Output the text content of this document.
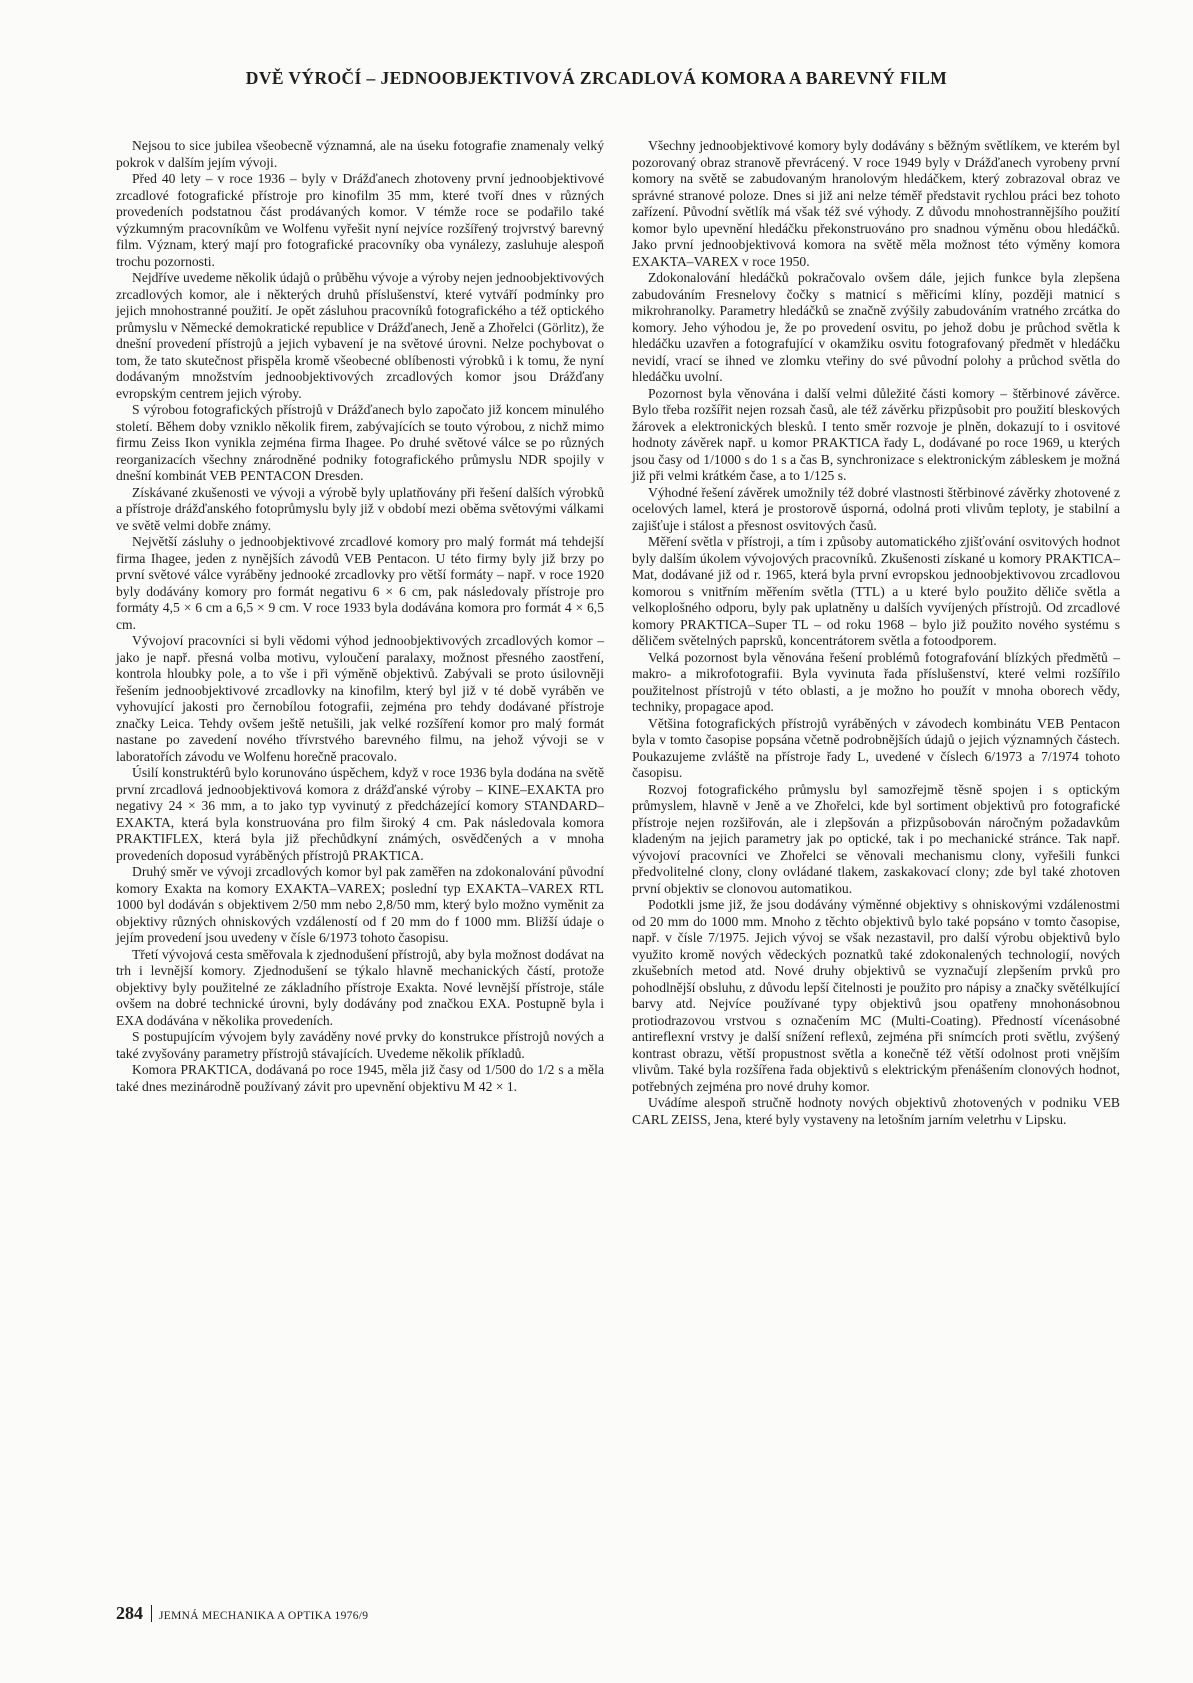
DVĚ VÝROČÍ – JEDNOOBJEKTIVOVÁ ZRCADLOVÁ KOMORA A BAREVNÝ FILM

Nejsou to sice jubilea všeobecně významná, ale na úseku fotografie znamenaly velký pokrok v dalším jejím vývoji.

Před 40 lety – v roce 1936 – byly v Drážďanech zhotoveny první jednoobjektivové zrcadlové fotografické přístroje pro kinofilm 35 mm, které tvoří dnes v různých provedeních podstatnou část prodávaných komor. V témže roce se podařilo také výzkumným pracovníkům ve Wolfenu vyřešit nyní nejvíce rozšířený trojvrstvý barevný film. Význam, který mají pro fotografické pracovníky oba vynálezy, zasluhuje alespoň trochu pozornosti.

Nejdříve uvedeme několik údajů o průběhu vývoje a výroby nejen jednoobjektivových zrcadlových komor, ale i některých druhů příslušenství, které vytváří podmínky pro jejich mnohostranné použití. Je opět zásluhou pracovníků fotografického a též optického průmyslu v Německé demokratické republice v Drážďanech, Jeně a Zhořelci (Görlitz), že dnešní provedení přístrojů a jejich vybavení je na světové úrovni. Nelze pochybovat o tom, že tato skutečnost přispěla kromě všeobecné oblíbenosti výrobků i k tomu, že nyní dodávaným množstvím jednoobjektivových zrcadlových komor jsou Drážďany evropským centrem jejich výroby.

S výrobou fotografických přístrojů v Drážďanech bylo započato již koncem minulého století. Během doby vzniklo několik firem, zabývajících se touto výrobou, z nichž mimo firmu Zeiss Ikon vynikla zejména firma Ihagee. Po druhé světové válce se po různých reorganizacích všechny znárodněné podniky fotografického průmyslu NDR spojily v dnešní kombinát VEB PENTACON Dresden.

Získávané zkušenosti ve vývoji a výrobě byly uplatňovány při řešení dalších výrobků a přístroje drážďanského fotoprůmyslu byly již v období mezi oběma světovými válkami ve světě velmi dobře známy.

Největší zásluhy o jednoobjektivové zrcadlové komory pro malý formát má tehdejší firma Ihagee, jeden z nynějších závodů VEB Pentacon. U této firmy byly již brzy po první světové válce vyráběny jednooké zrcadlovky pro větší formáty – např. v roce 1920 byly dodávány komory pro formát negativu 6 × 6 cm, pak následovaly přístroje pro formáty 4,5 × 6 cm a 6,5 × 9 cm. V roce 1933 byla dodávána komora pro formát 4 × 6,5 cm.

Vývojoví pracovníci si byli vědomi výhod jednoobjektivových zrcadlových komor – jako je např. přesná volba motivu, vyloučení paralaxy, možnost přesného zaostření, kontrola hloubky pole, a to vše i při výměně objektivů. Zabývali se proto úsilovněji řešením jednoobjektivové zrcadlovky na kinofilm, který byl již v té době vyráběn ve vyhovující jakosti pro černobílou fotografii, zejména pro tehdy dodávané přístroje značky Leica. Tehdy ovšem ještě netušili, jak velké rozšíření komor pro malý formát nastane po zavedení nového třívrstvého barevného filmu, na jehož vývoji se v laboratořích závodu ve Wolfenu horečně pracovalo.

Úsilí konstruktérů bylo korunováno úspěchem, když v roce 1936 byla dodána na světě první zrcadlová jednoobjektivová komora z drážďanské výroby – KINE–EXAKTA pro negativy 24 × 36 mm, a to jako typ vyvinutý z předcházející komory STANDARD–EXAKTA, která byla konstruována pro film široký 4 cm. Pak následovala komora PRAKTIFLEX, která byla již přechůdkyní známých, osvědčených a v mnoha provedeních doposud vyráběných přístrojů PRAKTICA.

Druhý směr ve vývoji zrcadlových komor byl pak zaměřen na zdokonalování původní komory Exakta na komory EXAKTA–VAREX; poslední typ EXAKTA–VAREX RTL 1000 byl dodáván s objektivem 2/50 mm nebo 2,8/50 mm, který bylo možno vyměnit za objektivy různých ohniskových vzdáleností od f 20 mm do f 1000 mm. Bližší údaje o jejím provedení jsou uvedeny v čísle 6/1973 tohoto časopisu.

Třetí vývojová cesta směřovala k zjednodušení přístrojů, aby byla možnost dodávat na trh i levnější komory. Zjednodušení se týkalo hlavně mechanických částí, protože objektivy byly použitelné ze základního přístroje Exakta. Nové levnější přístroje, stále ovšem na dobré technické úrovni, byly dodávány pod značkou EXA. Postupně byla i EXA dodávána v několika provedeních.

S postupujícím vývojem byly zaváděny nové prvky do konstrukce přístrojů nových a také zvyšovány parametry přístrojů stávajících. Uvedeme několik příkladů.

Komora PRAKTICA, dodávaná po roce 1945, měla již časy od 1/500 do 1/2 s a měla také dnes mezinárodně používaný závit pro upevnění objektivu M 42 × 1.

Všechny jednoobjektivové komory byly dodávány s běžným světlíkem, ve kterém byl pozorovaný obraz stranově převrácený. V roce 1949 byly v Drážďanech vyrobeny první komory na světě se zabudovaným hranolovým hledáčkem, který zobrazoval obraz ve správné stranové poloze. Dnes si již ani nelze téměř představit rychlou práci bez tohoto zařízení. Původní světlík má však též své výhody. Z důvodu mnohostrannějšího použití komor bylo upevnění hledáčku překonstruováno pro snadnou výměnu obou hledáčků. Jako první jednoobjektivová komora na světě měla možnost této výměny komora EXAKTA–VAREX v roce 1950.

Zdokonalování hledáčků pokračovalo ovšem dále, jejich funkce byla zlepšena zabudováním Fresnelovy čočky s matnicí s měřicími klíny, později matnicí s mikrohranolky. Parametry hledáčků se značně zvýšily zabudováním vratného zrcátka do komory. Jeho výhodou je, že po provedení osvitu, po jehož dobu je průchod světla k hledáčku uzavřen a fotografující v okamžiku osvitu fotografovaný předmět v hledáčku nevidí, vrací se ihned ve zlomku vteřiny do své původní polohy a průchod světla do hledáčku uvolní.

Pozornost byla věnována i další velmi důležité části komory – štěrbinové závěrce. Bylo třeba rozšířit nejen rozsah časů, ale též závěrku přizpůsobit pro použití bleskových žárovek a elektronických blesků. I tento směr rozvoje je plněn, dokazují to i osvitové hodnoty závěrek např. u komor PRAKTICA řady L, dodávané po roce 1969, u kterých jsou časy od 1/1000 s do 1 s a čas B, synchronizace s elektronickým zábleskem je možná již při velmi krátkém čase, a to 1/125 s.

Výhodné řešení závěrek umožnily též dobré vlastnosti štěrbinové závěrky zhotovené z ocelových lamel, která je prostorově úsporná, odolná proti vlivům teploty, je stabilní a zajišťuje i stálost a přesnost osvitových časů.

Měření světla v přístroji, a tím i způsoby automatického zjišťování osvitových hodnot byly dalším úkolem vývojových pracovníků. Zkušenosti získané u komory PRAKTICA–Mat, dodávané již od r. 1965, která byla první evropskou jednoobjektivovou zrcadlovou komorou s vnitřním měřením světla (TTL) a u které bylo použito děliče světla a velkoplošného odporu, byly pak uplatněny u dalších vyvíjených přístrojů. Od zrcadlové komory PRAKTICA–Super TL – od roku 1968 – bylo již použito nového systému s děličem světelných paprsků, koncentrátorem světla a fotoodporem.

Velká pozornost byla věnována řešení problémů fotografování blízkých předmětů – makro- a mikrofotografii. Byla vyvinuta řada příslušenství, které velmi rozšířilo použitelnost přístrojů v této oblasti, a je možno ho použít v mnoha oborech vědy, techniky, propagace apod.

Většina fotografických přístrojů vyráběných v závodech kombinátu VEB Pentacon byla v tomto časopise popsána včetně podrobnějších údajů o jejich významných částech. Poukazujeme zvláště na přístroje řady L, uvedené v číslech 6/1973 a 7/1974 tohoto časopisu.

Rozvoj fotografického průmyslu byl samozřejmě těsně spojen i s optickým průmyslem, hlavně v Jeně a ve Zhořelci, kde byl sortiment objektivů pro fotografické přístroje nejen rozšiřován, ale i zlepšován a přizpůsobován náročným požadavkům kladeným na jejich parametry jak po optické, tak i po mechanické stránce. Tak např. vývojoví pracovníci ve Zhořelci se věnovali mechanismu clony, vyřešili funkci předvolitelné clony, clony ovládané tlakem, zaskakovací clony; zde byl také zhotoven první objektiv se clonovou automatikou.

Podotkli jsme již, že jsou dodávány výměnné objektivy s ohniskovými vzdálenostmi od 20 mm do 1000 mm. Mnoho z těchto objektivů bylo také popsáno v tomto časopise, např. v čísle 7/1975. Jejich vývoj se však nezastavil, pro další výrobu objektivů bylo využito kromě nových vědeckých poznatků také zdokonalených technologií, nových zkušebních metod atd. Nové druhy objektivů se vyznačují zlepšením prvků pro pohodlnější obsluhu, z důvodu lepší čitelnosti je použito pro nápisy a značky světélkující barvy atd. Nejvíce používané typy objektivů jsou opatřeny mnohonásobnou protiodrazovou vrstvou s označením MC (Multi-Coating). Předností vícenásobné antireflexní vrstvy je další snížení reflexů, zejména při snímcích proti světlu, zvýšený kontrast obrazu, větší propustnost světla a konečně též větší odolnost proti vnějším vlivům. Také byla rozšířena řada objektivů s elektrickým přenášením clonových hodnot, potřebných zejména pro nové druhy komor.

Uvádíme alespoň stručně hodnoty nových objektivů zhotovených v podniku VEB CARL ZEISS, Jena, které byly vystaveny na letošním jarním veletrhu v Lipsku.

284 JEMNÁ MECHANIKA A OPTIKA 1976/9
